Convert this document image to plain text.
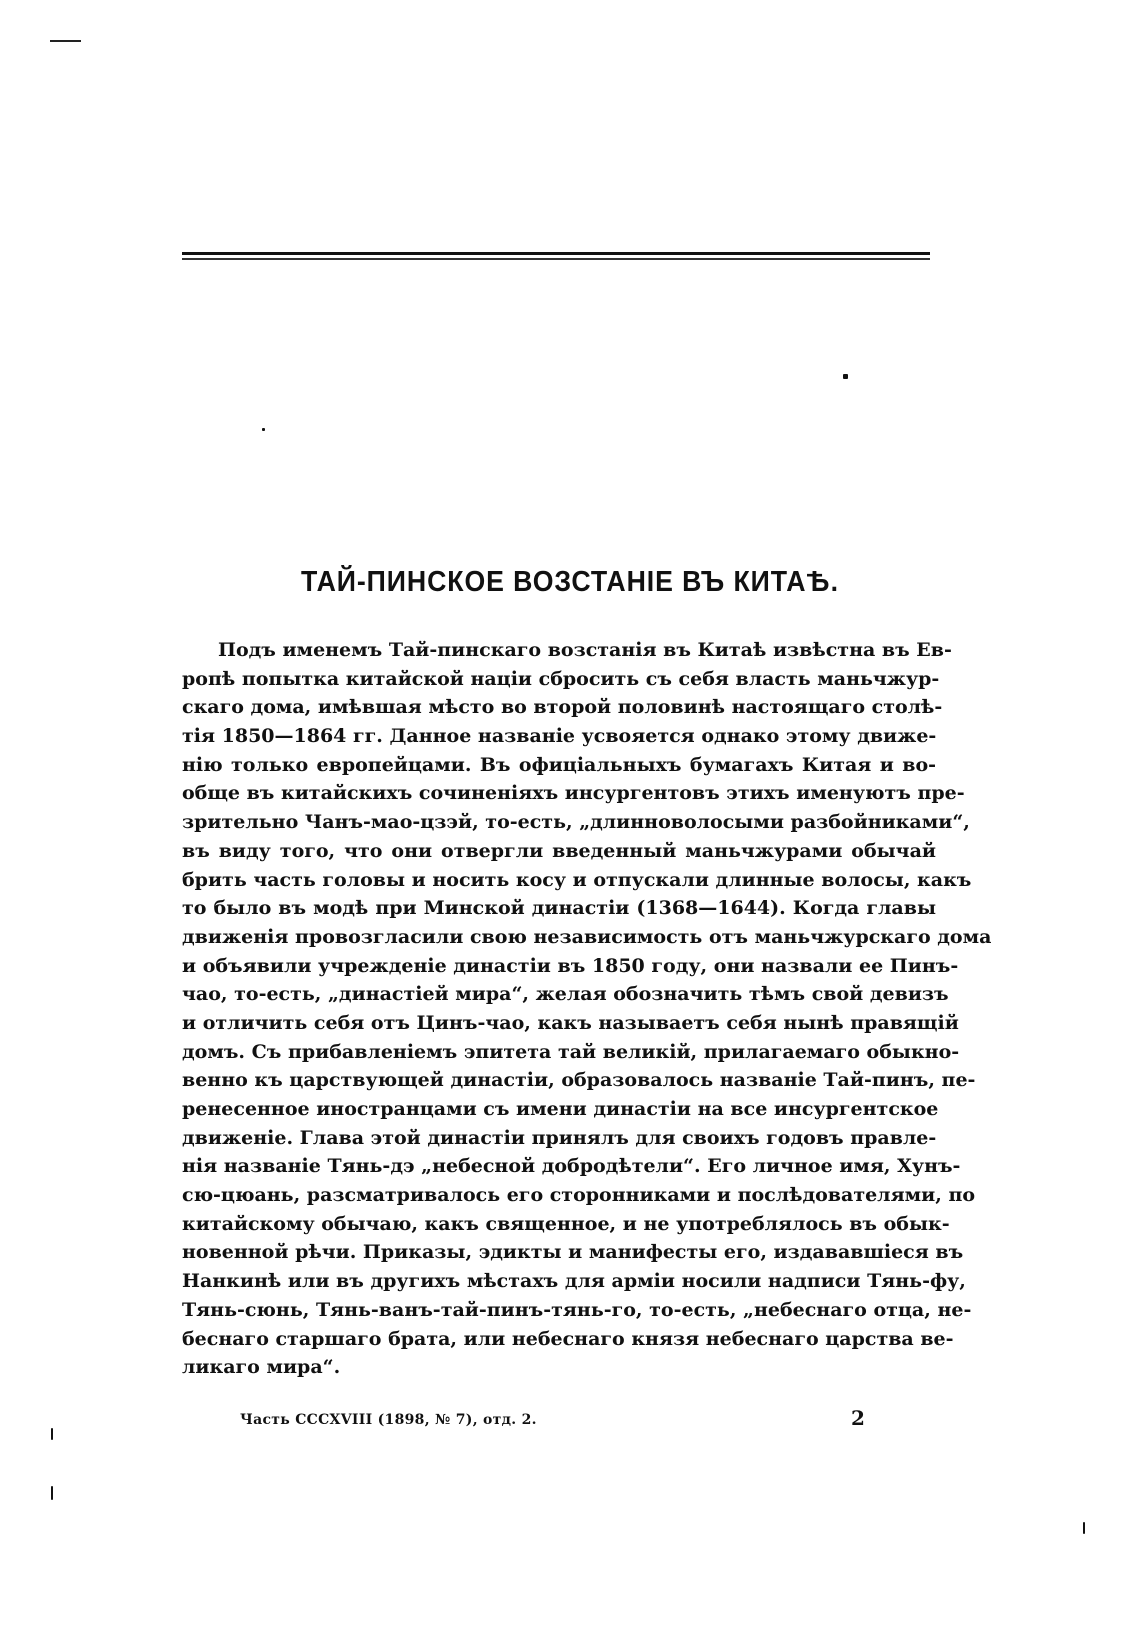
ТАЙ-ПИНСКОЕ ВОЗСТАНІЕ ВЪ КИТАѢ.
Подъ именемъ Тай-пинскаго возстанія въ Китаѣ извѣстна въ Ев-
ропѣ попытка китайской націи сбросить съ себя власть маньчжур-
скаго дома, имѣвшая мѣсто во второй половинѣ настоящаго столѣ-
тія 1850—1864 гг. Данное названіе усвояется однако этому движе-
нію только европейцами. Въ офиціальныхъ бумагахъ Китая и во-
обще въ китайскихъ сочиненіяхъ инсургентовъ этихъ именуютъ пре-
зрительно Чанъ-мао-цзэй, то-есть, „длинноволосыми разбойниками“,
въ виду того, что они отвергли введенный маньчжурами обычай
брить часть головы и носить косу и отпускали длинные волосы, какъ
то было въ модѣ при Минской династіи (1368—1644). Когда главы
движенія провозгласили свою независимость отъ маньчжурскаго дома
и объявили учрежденіе династіи въ 1850 году, они назвали ее Пинъ-
чао, то-есть, „династіей мира“, желая обозначить тѣмъ свой девизъ
и отличить себя отъ Цинъ-чао, какъ называетъ себя нынѣ правящій
домъ. Съ прибавленіемъ эпитета тай великій, прилагаемаго обыкно-
венно къ царствующей династіи, образовалось названіе Тай-пинъ, пе-
ренесенное иностранцами съ имени династіи на все инсургентское
движеніе. Глава этой династіи принялъ для своихъ годовъ правле-
нія названіе Тянь-дэ „небесной добродѣтели“. Его личное имя, Хунъ-
сю-цюань, разсматривалось его сторонниками и послѣдователями, по
китайскому обычаю, какъ священное, и не употреблялось въ обык-
новенной рѣчи. Приказы, эдикты и манифесты его, издававшіеся въ
Нанкинѣ или въ другихъ мѣстахъ для арміи носили надписи Тянь-фу,
Тянь-сюнь, Тянь-ванъ-тай-пинъ-тянь-го, то-есть, „небеснаго отца, не-
беснаго старшаго брата, или небеснаго князя небеснаго царства ве-
ликаго мира“.
Часть CCCXVIII (1898, № 7), отд. 2.	2
